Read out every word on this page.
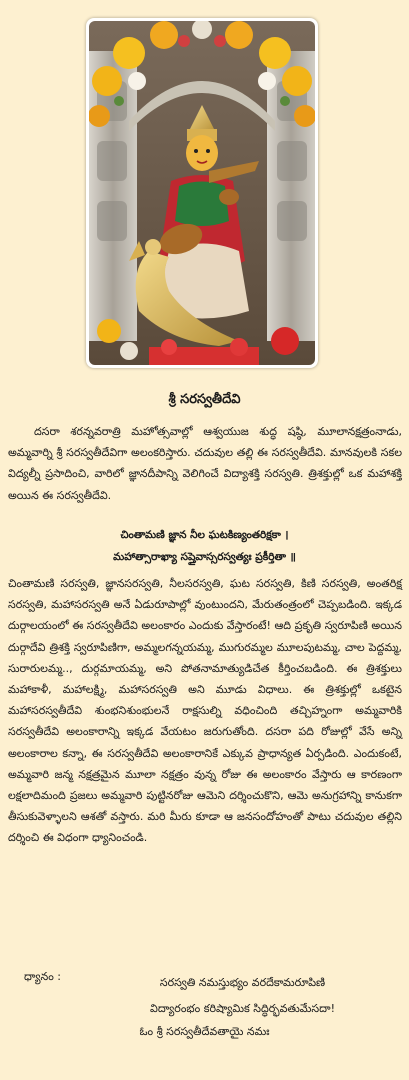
శ్రీ సరస్వతీదేవి

దసరా శరన్నవరాత్రి మహోత్సవాల్లో ఆశ్వయుజ శుద్ధ షష్ఠి, మూలానక్షత్రంనాడు, అమ్మవార్ని శ్రీ సరస్వతీదేవిగా అలంకరిస్తారు. చదువుల తల్లి ఈ సరస్వతీదేవి. మానవులకి సకల విద్యల్నీ ప్రసాదించి, వారిలో జ్ఞానదీపాన్ని వెలిగించే విద్యాశక్తి సరస్వతి. త్రిశక్తుల్లో ఒక మహాశక్తి అయిన ఈ సరస్వతీదేవి.

చింతామణి జ్ఞాన నీల ఘటకిణ్యంతరిక్షకా ।
మహాత్సారాఖ్యా సప్తైవాస్సరస్వత్యః ప్రకీర్తితా ॥

చింతామణి సరస్వతి, జ్ఞానసరస్వతి, నీలసరస్వతి, ఘట సరస్వతి, కిణి సరస్వతి, అంతరిక్ష సరస్వతి, మహాసరస్వతి అనే ఏడురూపాల్లో వుంటుందని, మేరుతంత్రంలో చెప్పబడింది. ఇక్కడ దుర్గాలయంలో ఈ సరస్వతీదేవి అలంకారం ఎందుకు వేస్తారంటే! ఆది ప్రకృతి స్వరూపిణి అయిన దుర్గాదేవి త్రిశక్తి స్వరూపిణిగా, అమ్మలగన్నయమ్మ, ముగురమ్మల మూలపుటమ్మ, చాల పెద్దమ్మ, సురారులమ్మ.., దుర్గమాయమ్మ, అని పోతనామాత్యుడిచేత కీర్తించబడింది. ఈ త్రిశక్తులు మహాకాళీ, మహాలక్ష్మి, మహాసరస్వతి అని మూడు విధాలు. ఈ త్రిశక్తుల్లో ఒకటైన మహాసరస్వతీదేవి శుంభనిశుంభులనే రాక్షసుల్ని వధించింది తచ్చిహ్నంగా అమ్మవారికి సరస్వతీదేవి అలంకారాన్ని ఇక్కడ వేయటం జరుగుతోంది. దసరా పది రోజుల్లో వేసే అన్ని అలంకారాల కన్నా, ఈ సరస్వతీదేవి అలంకారానికే ఎక్కువ ప్రాధాన్యత ఏర్పడింది. ఎందుకంటే, అమ్మవారి జన్మ నక్షత్రమైన మూలా నక్షత్రం వున్న రోజు ఈ అలంకారం వేస్తారు ఆ కారణంగా లక్షలాదిమంది ప్రజలు అమ్మవారి పుట్టినరోజు ఆమెని దర్శించుకొని, ఆమె అనుగ్రహాన్ని కానుకగా తీసుకువెళ్ళాలని ఆశతో వస్తారు. మరి మీరు కూడా ఆ జనసందోహంతో పాటు చదువుల తల్లిని దర్శించి ఈ విధంగా ధ్యానించండి.

ధ్యానం :	సరస్వతి నమస్తుభ్యం వరదేకామరూపిణి
విద్యారంభం కరిష్యామిక సిద్ధిర్భవతుమేసదా!
ఓం శ్రీ సరస్వతీదేవతాయై నమః
